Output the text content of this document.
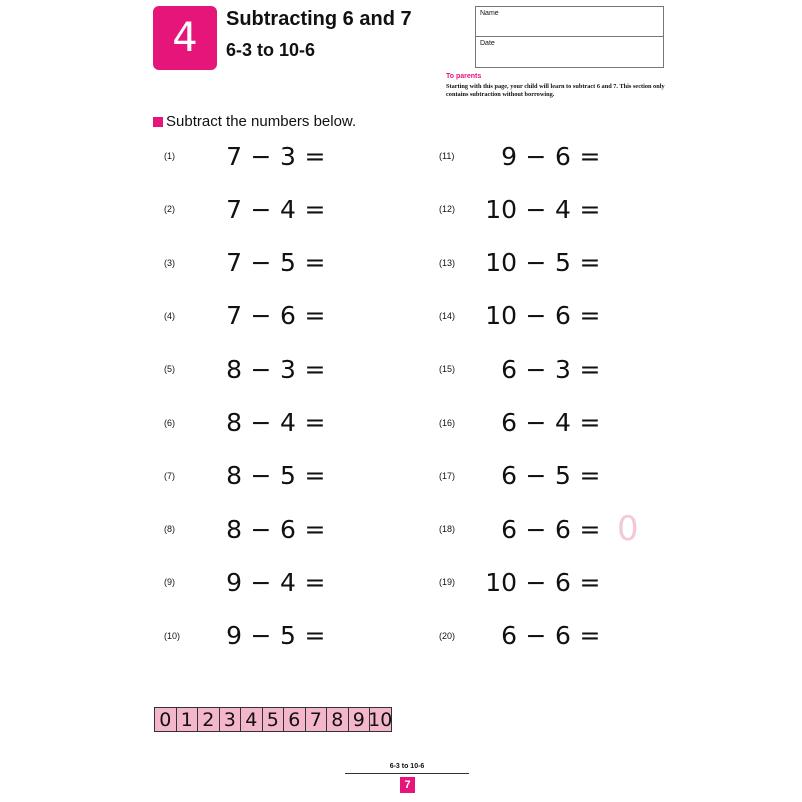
4	Subtracting 6 and 7
6-3 to 10-6
Name
Date
To parents
Starting with this page, your child will learn to subtract 6 and 7. This section only contains subtraction without borrowing.
Subtract the numbers below.
(1)	7 − 3 =
(2)	7 − 4 =
(3)	7 − 5 =
(4)	7 − 6 =
(5)	8 − 3 =
(6)	8 − 4 =
(7)	8 − 5 =
(8)	8 − 6 =
(9)	9 − 4 =
(10)	9 − 5 =
(11)	9 − 6 =
(12)	10 − 4 =
(13)	10 − 5 =
(14)	10 − 6 =
(15)	6 − 3 =
(16)	6 − 4 =
(17)	6 − 5 =
(18)	6 − 6 = 0
(19)	10 − 6 =
(20)	6 − 6 =
0 1 2 3 4 5 6 7 8 9 10
6-3 to 10-6
7
